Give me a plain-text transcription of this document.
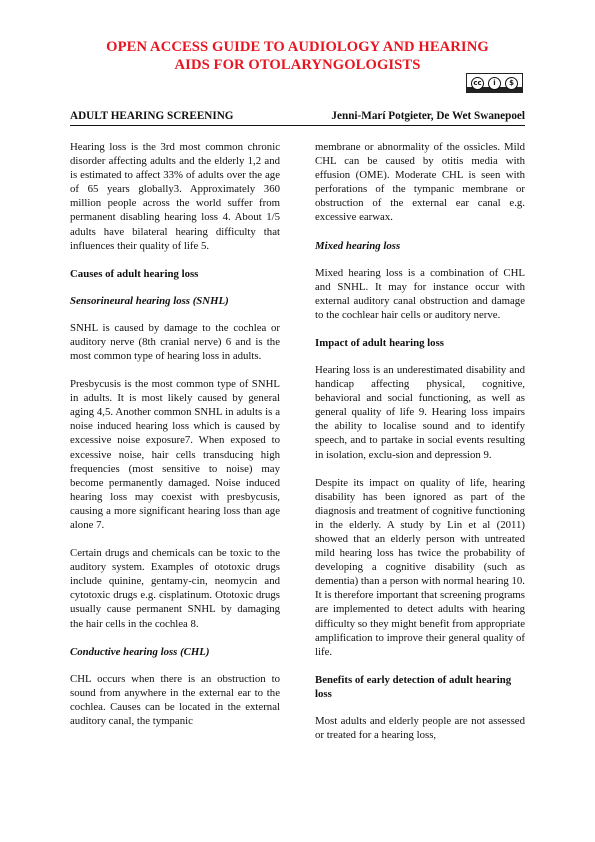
OPEN ACCESS GUIDE TO AUDIOLOGY AND HEARING
AIDS FOR OTOLARYNGOLOGISTS
cc	i	$
ADULT HEARING SCREENING	Jenni-Marí Potgieter, De Wet Swanepoel

Hearing loss is the 3rd most common chronic disorder affecting adults and the elderly 1,2 and is estimated to affect 33% of adults over the age of 65 years globally3. Approximately 360 million people across the world suffer from permanent disabling hearing loss 4. About 1/5 adults have bilateral hearing difficulty that influences their quality of life 5.

Causes of adult hearing loss
Sensorineural hearing loss (SNHL)

SNHL is caused by damage to the cochlea or auditory nerve (8th cranial nerve) 6 and is the most common type of hearing loss in adults.

Presbycusis is the most common type of SNHL in adults. It is most likely caused by general aging 4,5. Another common SNHL in adults is a noise induced hearing loss which is caused by excessive noise exposure7. When exposed to excessive noise, hair cells transducing high frequencies (most sensitive to noise) may become permanently damaged. Noise induced hearing loss may coexist with presbycusis, causing a more significant hearing loss than age alone 7.

Certain drugs and chemicals can be toxic to the auditory system. Examples of ototoxic drugs include quinine, gentamy-cin, neomycin and cytotoxic drugs e.g. cisplatinum. Ototoxic drugs usually cause permanent SNHL by damaging the hair cells in the cochlea 8.

Conductive hearing loss (CHL)

CHL occurs when there is an obstruction to sound from anywhere in the external ear to the cochlea. Causes can be located in the external auditory canal, the tympanic

membrane or abnormality of the ossicles. Mild CHL can be caused by otitis media with effusion (OME). Moderate CHL is seen with perforations of the tympanic membrane or obstruction of the external ear canal e.g. excessive earwax.

Mixed hearing loss

Mixed hearing loss is a combination of CHL and SNHL. It may for instance occur with external auditory canal obstruction and damage to the cochlear hair cells or auditory nerve.

Impact of adult hearing loss

Hearing loss is an underestimated disability and handicap affecting physical, cognitive, behavioral and social functioning, as well as general quality of life 9. Hearing loss impairs the ability to localise sound and to identify speech, and to partake in social events resulting in isolation, exclu-sion and depression 9.

Despite its impact on quality of life, hearing disability has been ignored as part of the diagnosis and treatment of cognitive functioning in the elderly. A study by Lin et al (2011) showed that an elderly person with untreated mild hearing loss has twice the probability of developing a cognitive disability (such as dementia) than a person with normal hearing 10. It is therefore important that screening programs are implemented to detect adults with hearing difficulty so they might benefit from appropriate amplification to improve their general quality of life.

Benefits of early detection of adult hearing loss

Most adults and elderly people are not assessed or treated for a hearing loss,
